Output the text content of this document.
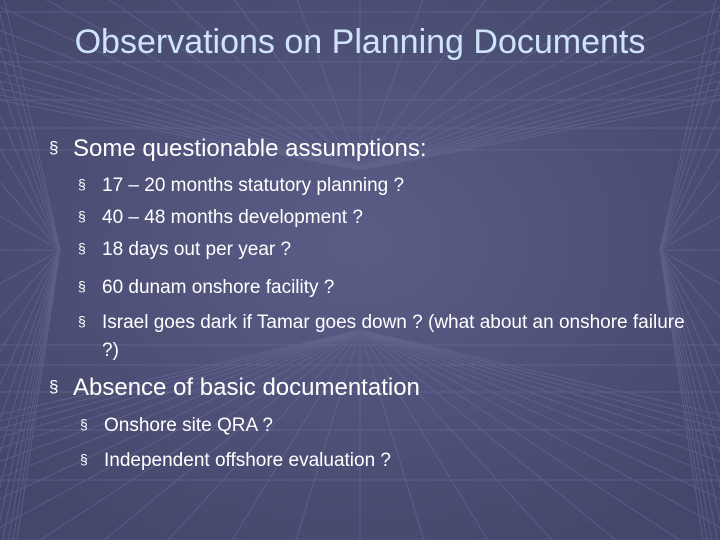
Observations on Planning Documents
§ Some questionable assumptions:
§ 17 – 20 months statutory planning ?
§ 40 – 48 months development ?
§ 18 days out per year ?
§ 60 dunam onshore facility ?
§ Israel goes dark if Tamar goes down ? (what about an onshore failure ?)
§ Absence of basic documentation
§ Onshore site QRA ?
§ Independent offshore evaluation ?
